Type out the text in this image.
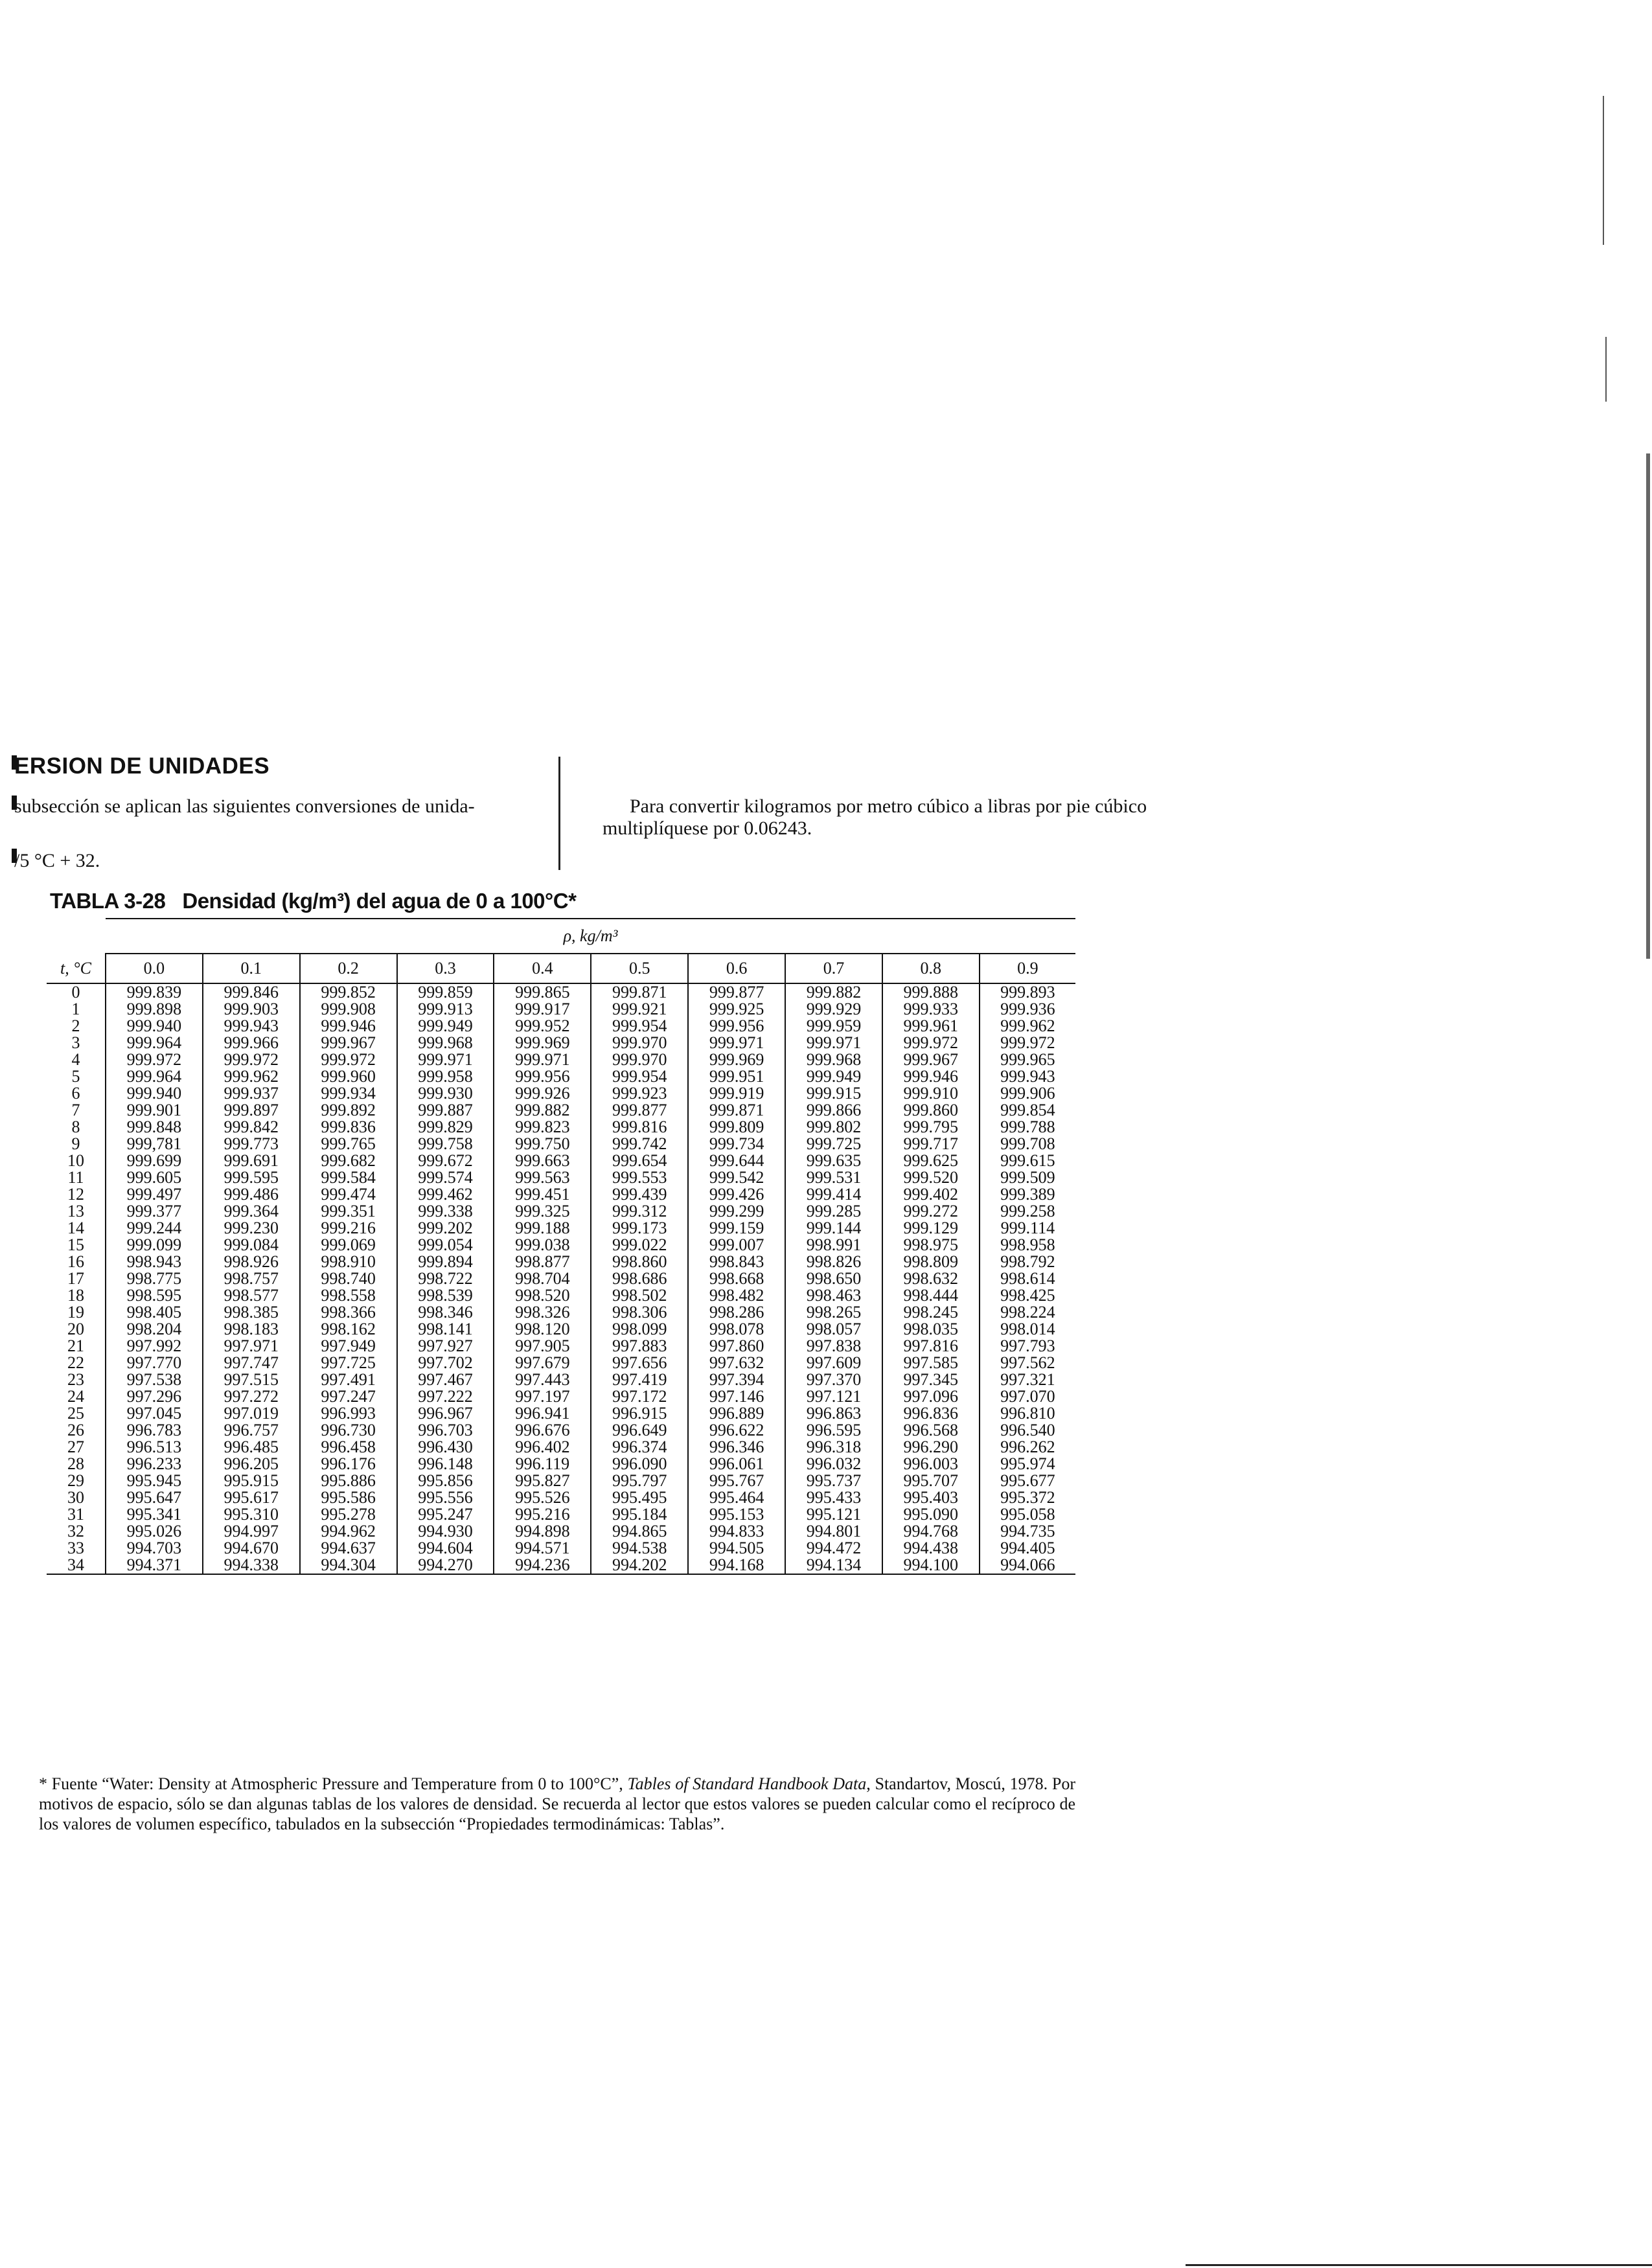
ERSION DE UNIDADES
subsección se aplican las siguientes conversiones de unida-
/5 °C + 32.
Para convertir kilogramos por metro cúbico a libras por pie cúbico
multiplíquese por 0.06243.
TABLA 3-28 Densidad (kg/m³) del agua de 0 a 100°C*
	ρ, kg/m³									
t, °C	0.0	0.1	0.2	0.3	0.4	0.5	0.6	0.7	0.8	0.9
0	999.839	999.846	999.852	999.859	999.865	999.871	999.877	999.882	999.888	999.893
1	999.898	999.903	999.908	999.913	999.917	999.921	999.925	999.929	999.933	999.936
2	999.940	999.943	999.946	999.949	999.952	999.954	999.956	999.959	999.961	999.962
3	999.964	999.966	999.967	999.968	999.969	999.970	999.971	999.971	999.972	999.972
4	999.972	999.972	999.972	999.971	999.971	999.970	999.969	999.968	999.967	999.965
5	999.964	999.962	999.960	999.958	999.956	999.954	999.951	999.949	999.946	999.943
6	999.940	999.937	999.934	999.930	999.926	999.923	999.919	999.915	999.910	999.906
7	999.901	999.897	999.892	999.887	999.882	999.877	999.871	999.866	999.860	999.854
8	999.848	999.842	999.836	999.829	999.823	999.816	999.809	999.802	999.795	999.788
9	999,781	999.773	999.765	999.758	999.750	999.742	999.734	999.725	999.717	999.708
10	999.699	999.691	999.682	999.672	999.663	999.654	999.644	999.635	999.625	999.615
11	999.605	999.595	999.584	999.574	999.563	999.553	999.542	999.531	999.520	999.509
12	999.497	999.486	999.474	999.462	999.451	999.439	999.426	999.414	999.402	999.389
13	999.377	999.364	999.351	999.338	999.325	999.312	999.299	999.285	999.272	999.258
14	999.244	999.230	999.216	999.202	999.188	999.173	999.159	999.144	999.129	999.114
15	999.099	999.084	999.069	999.054	999.038	999.022	999.007	998.991	998.975	998.958
16	998.943	998.926	998.910	999.894	998.877	998.860	998.843	998.826	998.809	998.792
17	998.775	998.757	998.740	998.722	998.704	998.686	998.668	998.650	998.632	998.614
18	998.595	998.577	998.558	998.539	998.520	998.502	998.482	998.463	998.444	998.425
19	998.405	998.385	998.366	998.346	998.326	998.306	998.286	998.265	998.245	998.224
20	998.204	998.183	998.162	998.141	998.120	998.099	998.078	998.057	998.035	998.014
21	997.992	997.971	997.949	997.927	997.905	997.883	997.860	997.838	997.816	997.793
22	997.770	997.747	997.725	997.702	997.679	997.656	997.632	997.609	997.585	997.562
23	997.538	997.515	997.491	997.467	997.443	997.419	997.394	997.370	997.345	997.321
24	997.296	997.272	997.247	997.222	997.197	997.172	997.146	997.121	997.096	997.070
25	997.045	997.019	996.993	996.967	996.941	996.915	996.889	996.863	996.836	996.810
26	996.783	996.757	996.730	996.703	996.676	996.649	996.622	996.595	996.568	996.540
27	996.513	996.485	996.458	996.430	996.402	996.374	996.346	996.318	996.290	996.262
28	996.233	996.205	996.176	996.148	996.119	996.090	996.061	996.032	996.003	995.974
29	995.945	995.915	995.886	995.856	995.827	995.797	995.767	995.737	995.707	995.677
30	995.647	995.617	995.586	995.556	995.526	995.495	995.464	995.433	995.403	995.372
31	995.341	995.310	995.278	995.247	995.216	995.184	995.153	995.121	995.090	995.058
32	995.026	994.997	994.962	994.930	994.898	994.865	994.833	994.801	994.768	994.735
33	994.703	994.670	994.637	994.604	994.571	994.538	994.505	994.472	994.438	994.405
34	994.371	994.338	994.304	994.270	994.236	994.202	994.168	994.134	994.100	994.066
* Fuente “Water: Density at Atmospheric Pressure and Temperature from 0 to 100°C”, Tables of Standard Handbook Data, Standartov, Moscú, 1978. Por motivos de espacio, sólo se dan algunas tablas de los valores de densidad. Se recuerda al lector que estos valores se pueden calcular como el recíproco de los valores de volumen específico, tabulados en la subsección “Propiedades termodinámicas: Tablas”.
